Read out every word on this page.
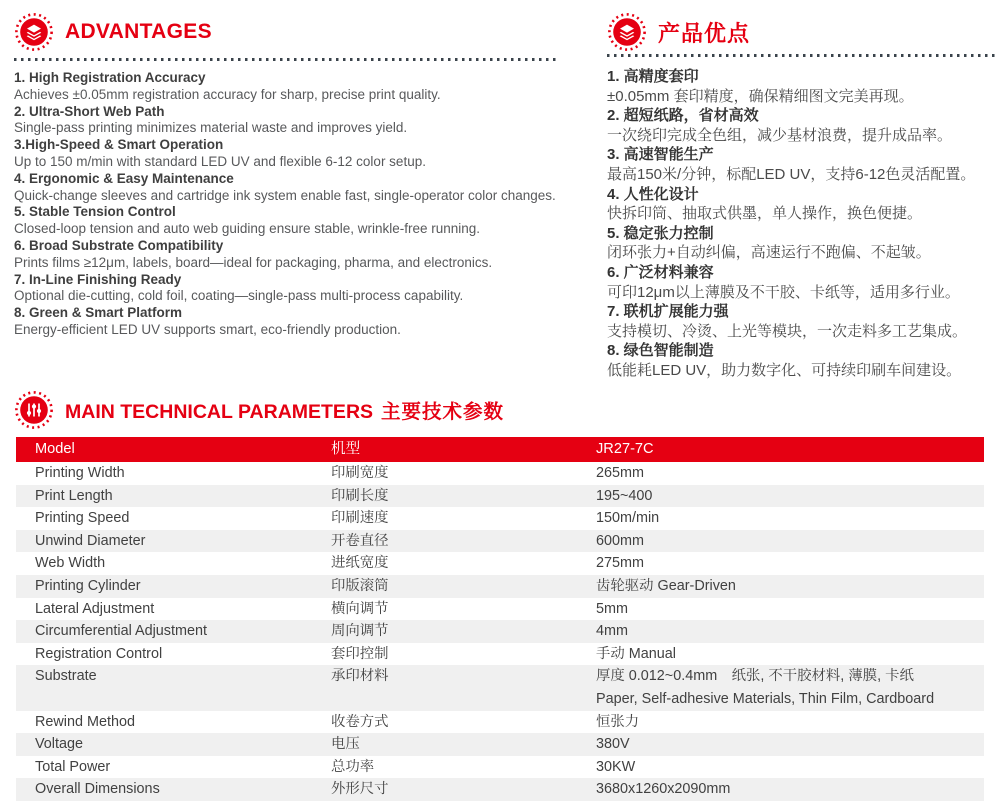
ADVANTAGES
1. High Registration Accuracy
Achieves ±0.05mm registration accuracy for sharp, precise print quality.
2. Ultra-Short Web Path
Single-pass printing minimizes material waste and improves yield.
3.High-Speed & Smart Operation
Up to 150 m/min with standard LED UV and flexible 6-12 color setup.
4. Ergonomic & Easy Maintenance
Quick-change sleeves and cartridge ink system enable fast, single-operator color changes.
5. Stable Tension Control
Closed-loop tension and auto web guiding ensure stable, wrinkle-free running.
6. Broad Substrate Compatibility
Prints films ≥12μm, labels, board—ideal for packaging, pharma, and electronics.
7. In-Line Finishing Ready
Optional die-cutting, cold foil, coating—single-pass multi-process capability.
8. Green & Smart Platform
Energy-efficient LED UV supports smart, eco-friendly production.
产品优点
1. 高精度套印
±0.05mm 套印精度，确保精细图文完美再现。
2. 超短纸路，省材高效
一次绕印完成全色组，减少基材浪费，提升成品率。
3. 高速智能生产
最高150米/分钟，标配LED UV，支持6-12色灵活配置。
4. 人性化设计
快拆印筒、抽取式供墨，单人操作，换色便捷。
5. 稳定张力控制
闭环张力+自动纠偏，高速运行不跑偏、不起皱。
6. 广泛材料兼容
可印12μm以上薄膜及不干胶、卡纸等，适用多行业。
7. 联机扩展能力强
支持模切、冷烫、上光等模块，一次走料多工艺集成。
8. 绿色智能制造
低能耗LED UV，助力数字化、可持续印刷车间建设。
MAIN TECHNICAL PARAMETERS 主要技术参数
Model	机型	JR27-7C
Printing Width	印刷宽度	265mm
Print Length	印刷长度	195~400
Printing Speed	印刷速度	150m/min
Unwind Diameter	开卷直径	600mm
Web Width	进纸宽度	275mm
Printing Cylinder	印版滚筒	齿轮驱动 Gear-Driven
Lateral Adjustment	横向调节	5mm
Circumferential Adjustment	周向调节	4mm
Registration Control	套印控制	手动 Manual
Substrate	承印材料	厚度 0.012~0.4mm　纸张, 不干胶材料, 薄膜, 卡纸
Paper, Self-adhesive Materials, Thin Film, Cardboard
Rewind Method	收卷方式	恒张力
Voltage	电压	380V
Total Power	总功率	30KW
Overall Dimensions	外形尺寸	3680x1260x2090mm
